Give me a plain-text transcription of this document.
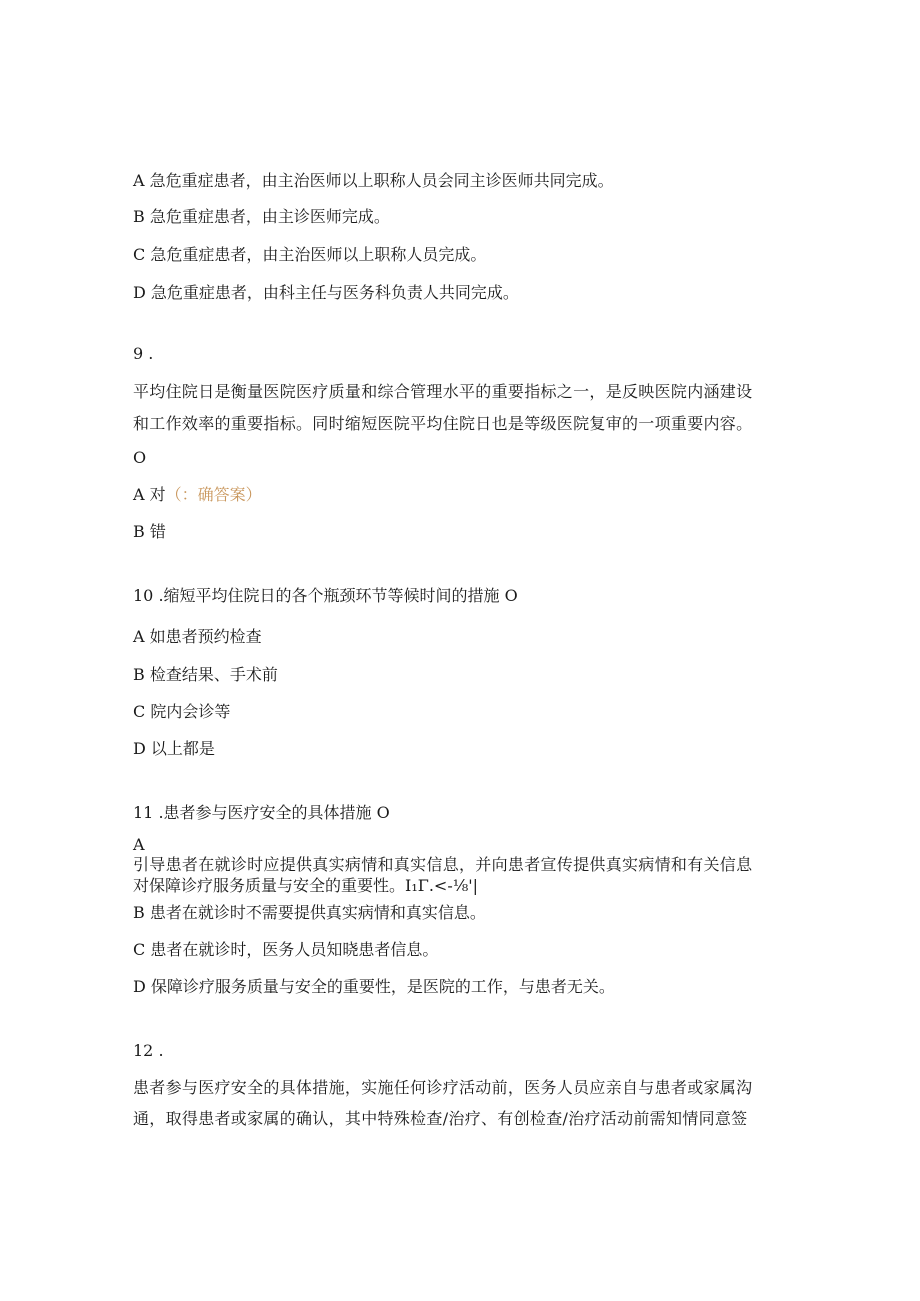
A 急危重症患者，由主治医师以上职称人员会同主诊医师共同完成。
B 急危重症患者，由主诊医师完成。
C 急危重症患者，由主治医师以上职称人员完成。
D 急危重症患者，由科主任与医务科负责人共同完成。
9 .
平均住院日是衡量医院医疗质量和综合管理水平的重要指标之一，是反映医院内涵建设
和工作效率的重要指标。同时缩短医院平均住院日也是等级医院复审的一项重要内容。
O
A 对（：确答案）
B 错
10 .缩短平均住院日的各个瓶颈环节等候时间的措施 O
A 如患者预约检查
B 检查结果、手术前
C 院内会诊等
D 以上都是
11 .患者参与医疗安全的具体措施 O
A
引导患者在就诊时应提供真实病情和真实信息，并向患者宣传提供真实病情和有关信息
对保障诊疗服务质量与安全的重要性。I₁Γ.<-⅛'|
B 患者在就诊时不需要提供真实病情和真实信息。
C 患者在就诊时，医务人员知晓患者信息。
D 保障诊疗服务质量与安全的重要性，是医院的工作，与患者无关。
12 .
患者参与医疗安全的具体措施，实施任何诊疗活动前，医务人员应亲自与患者或家属沟
通，取得患者或家属的确认，其中特殊检查/治疗、有创检查/治疗活动前需知情同意签
